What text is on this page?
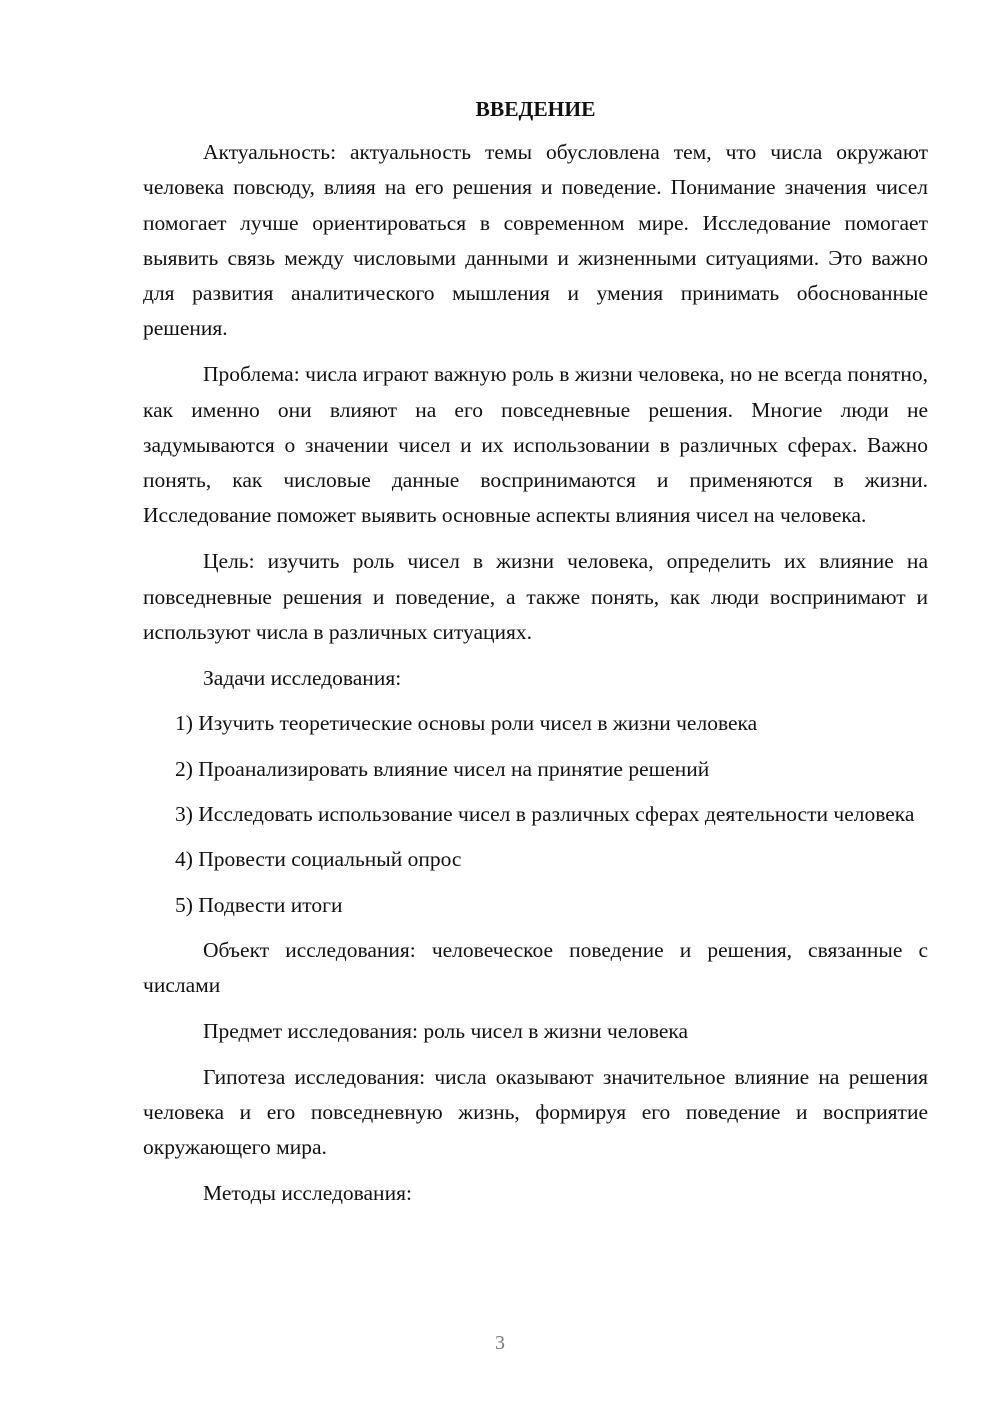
ВВЕДЕНИЕ

Актуальность: актуальность темы обусловлена тем, что числа окружают человека повсюду, влияя на его решения и поведение. Понимание значения чисел помогает лучше ориентироваться в современном мире. Исследование помогает выявить связь между числовыми данными и жизненными ситуациями. Это важно для развития аналитического мышления и умения принимать обоснованные решения.

Проблема: числа играют важную роль в жизни человека, но не всегда понятно, как именно они влияют на его повседневные решения. Многие люди не задумываются о значении чисел и их использовании в различных сферах. Важно понять, как числовые данные воспринимаются и применяются в жизни. Исследование поможет выявить основные аспекты влияния чисел на человека.

Цель: изучить роль чисел в жизни человека, определить их влияние на повседневные решения и поведение, а также понять, как люди воспринимают и используют числа в различных ситуациях.

Задачи исследования:

1) Изучить теоретические основы роли чисел в жизни человека

2) Проанализировать влияние чисел на принятие решений

3) Исследовать использование чисел в различных сферах деятельности человека

4) Провести социальный опрос

5) Подвести итоги

Объект исследования: человеческое поведение и решения, связанные с числами

Предмет исследования: роль чисел в жизни человека

Гипотеза исследования: числа оказывают значительное влияние на решения человека и его повседневную жизнь, формируя его поведение и восприятие окружающего мира.

Методы исследования:

3
